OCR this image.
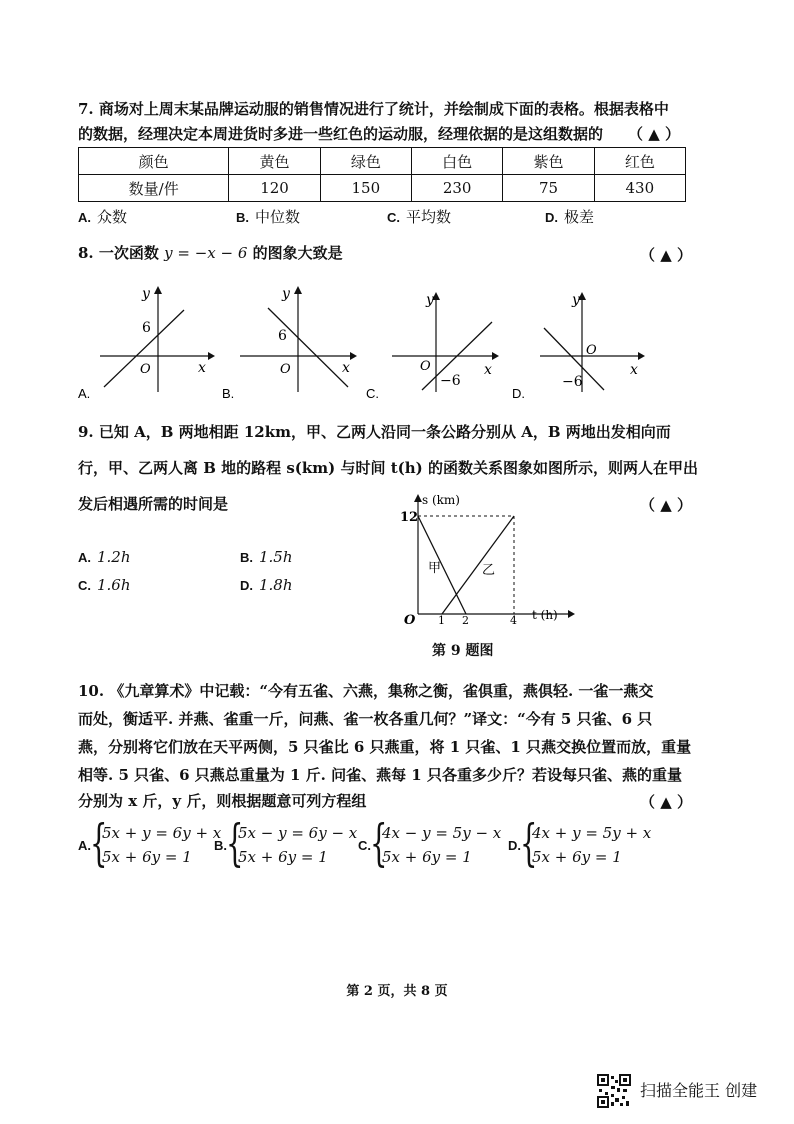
7. 商场对上周末某品牌运动服的销售情况进行了统计，并绘制成下面的表格。根据表格中
的数据，经理决定本周进货时多进一些红色的运动服，经理依据的是这组数据的 （ ▲ ）
颜色	黄色	绿色	白色	紫色	红色
数量/件	120	150	230	75	430
A. 众数	B. 中位数	C. 平均数	D. 极差
8. 一次函数 y = −x − 6 的图象大致是	（ ▲ ）
y
x
O
6
A.
y
x
O
6
B.
y
x
O
−6
C.
y
x
O
−6
D.
9. 已知 A，B 两地相距 12km，甲、乙两人沿同一条公路分别从 A，B 两地出发相向而
行，甲、乙两人离 B 地的路程 s(km) 与时间 t(h) 的函数关系图象如图所示，则两人在甲出
发后相遇所需的时间是	（ ▲ ）
A. 1.2h	B. 1.5h
C. 1.6h	D. 1.8h
s (km)
t (h)
12
O 1 2	4
甲	乙
第 9 题图
10. 《九章算术》中记载：“今有五雀、六燕，集称之衡，雀俱重，燕俱轻. 一雀一燕交
而处，衡适平. 并燕、雀重一斤，问燕、雀一枚各重几何？”译文：“今有 5 只雀、6 只
燕，分别将它们放在天平两侧，5 只雀比 6 只燕重，将 1 只雀、1 只燕交换位置而放，重量
相等. 5 只雀、6 只燕总重量为 1 斤. 问雀、燕每 1 只各重多少斤？若设每只雀、燕的重量
分别为 x 斤，y 斤，则根据题意可列方程组	（ ▲ ）
A. {
5x + y = 6y + x
5x + 6y = 1
B. {
5x − y = 6y − x
5x + 6y = 1
C. {
4x − y = 5y − x
5x + 6y = 1
D. {
4x + y = 5y + x
5x + 6y = 1
第 2 页，共 8 页
扫描全能王 创建
